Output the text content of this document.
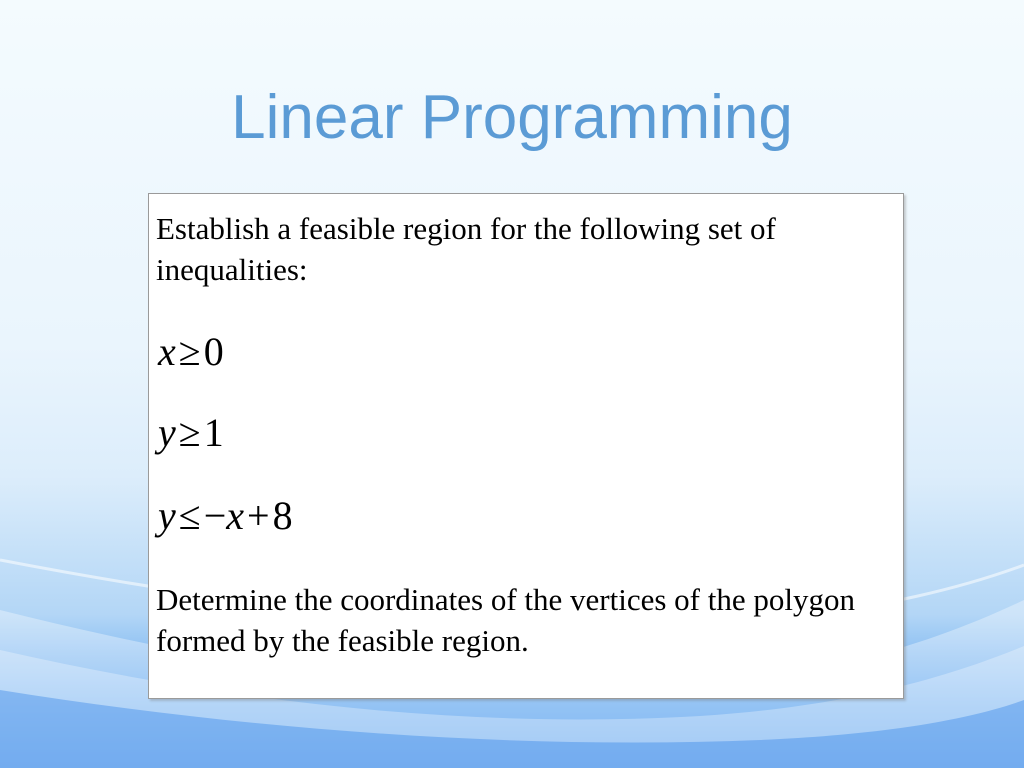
Linear Programming

Establish a feasible region for the following set of inequalities:

x≥0
y≥1
y≤−x+8

Determine the coordinates of the vertices of the polygon formed by the feasible region.
